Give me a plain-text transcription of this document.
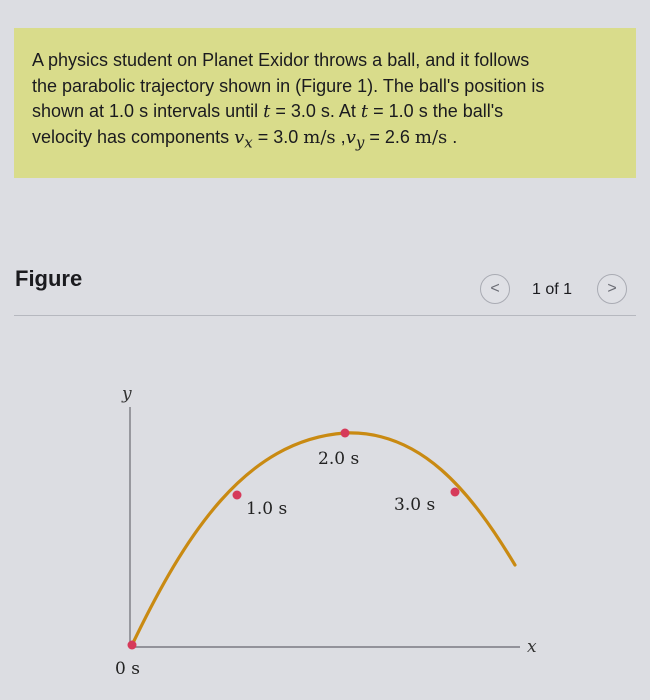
A physics student on Planet Exidor throws a ball, and it follows
the parabolic trajectory shown in (Figure 1). The ball's position is
shown at 1.0 s intervals until t = 3.0 s. At t = 1.0 s the ball's
velocity has components $v_x = 3.0$ m/s $,v_y = 2.6$ m/s .
Figure	< 1 of 1 >
y
x
0 s
1.0 s
2.0 s
3.0 s
